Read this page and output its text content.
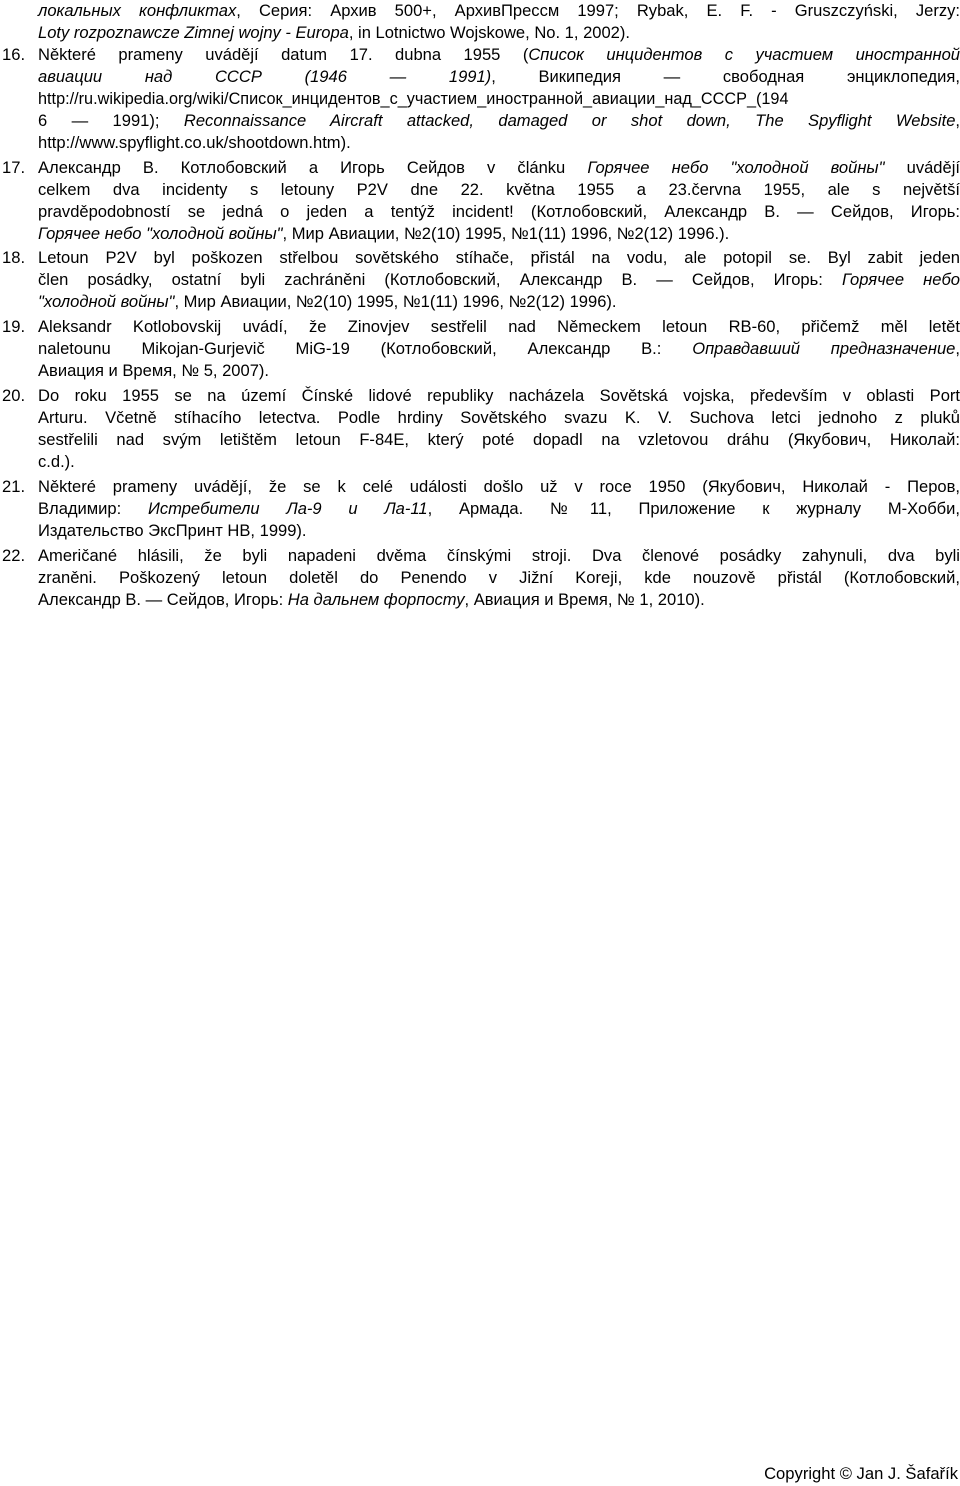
локальных конфликтах, Серия: Архив 500+, АрхивПрессм 1997; Rybak, E. F. - Gruszczyński, Jerzy:
Loty rozpoznawcze Zimnej wojny - Europa, in Lotnictwo Wojskowe, No. 1, 2002).
16. Některé prameny uvádějí datum 17. dubna 1955 (Список инцидентов с участием иностранной
авиации над СССР (1946 — 1991), Википедия — свободная энциклопедия,
http://ru.wikipedia.org/wiki/Список_инцидентов_с_участием_иностранной_авиации_над_СССР_(194
6 — 1991); Reconnaissance Aircraft attacked, damaged or shot down, The Spyflight Website,
http://www.spyflight.co.uk/shootdown.htm).
17. Александр В. Котлобовский a Игорь Сейдов v článku Горячее небо "холодной войны" uvádějí
celkem dva incidenty s letouny P2V dne 22. května 1955 a 23.června 1955, ale s největší
pravděpodobností se jedná o jeden a tentýž incident! (Котлобовский, Александр В. — Сейдов, Игорь:
Горячее небо "холодной войны", Мир Авиации, №2(10) 1995, №1(11) 1996, №2(12) 1996.).
18. Letoun P2V byl poškozen střelbou sovětského stíhače, přistál na vodu, ale potopil se. Byl zabit jeden
člen posádky, ostatní byli zachráněni (Котлобовский, Александр В. — Сейдов, Игорь: Горячее небо
"холодной войны", Мир Авиации, №2(10) 1995, №1(11) 1996, №2(12) 1996).
19. Aleksandr Kotlobovskij uvádí, že Zinovjev sestřelil nad Německem letoun RB-60, přičemž měl letět
naletounu Mikojan-Gurjevič MiG-19 (Котлобовский, Александр В.: Оправдавший предназначение,
Авиация и Время, № 5, 2007).
20. Do roku 1955 se na území Čínské lidové republiky nacházela Sovětská vojska, především v oblasti Port
Arturu. Včetně stíhacího letectva. Podle hrdiny Sovětského svazu K. V. Suchova letci jednoho z pluků
sestřelili nad svým letištěm letoun F-84E, který poté dopadl na vzletovou dráhu (Якубович, Николай:
c.d.).
21. Některé prameny uvádějí, že se k celé události došlo už v roce 1950 (Якубович, Николай - Перов,
Владимир: Истребители Ла-9 и Ла-11, Армада. №11, Приложение к журналу М-Хобби,
Издательство ЭксПринт НВ, 1999).
22. Američané hlásili, že byli napadeni dvěma čínskými stroji. Dva členové posádky zahynuli, dva byli
zraněni. Poškozený letoun doletěl do Penendo v Jižní Koreji, kde nouzově přistál (Котлобовский,
Александр В. — Сейдов, Игорь: На дальнем форпосту, Авиация и Время, № 1, 2010).
Copyright © Jan J. Šafařík
